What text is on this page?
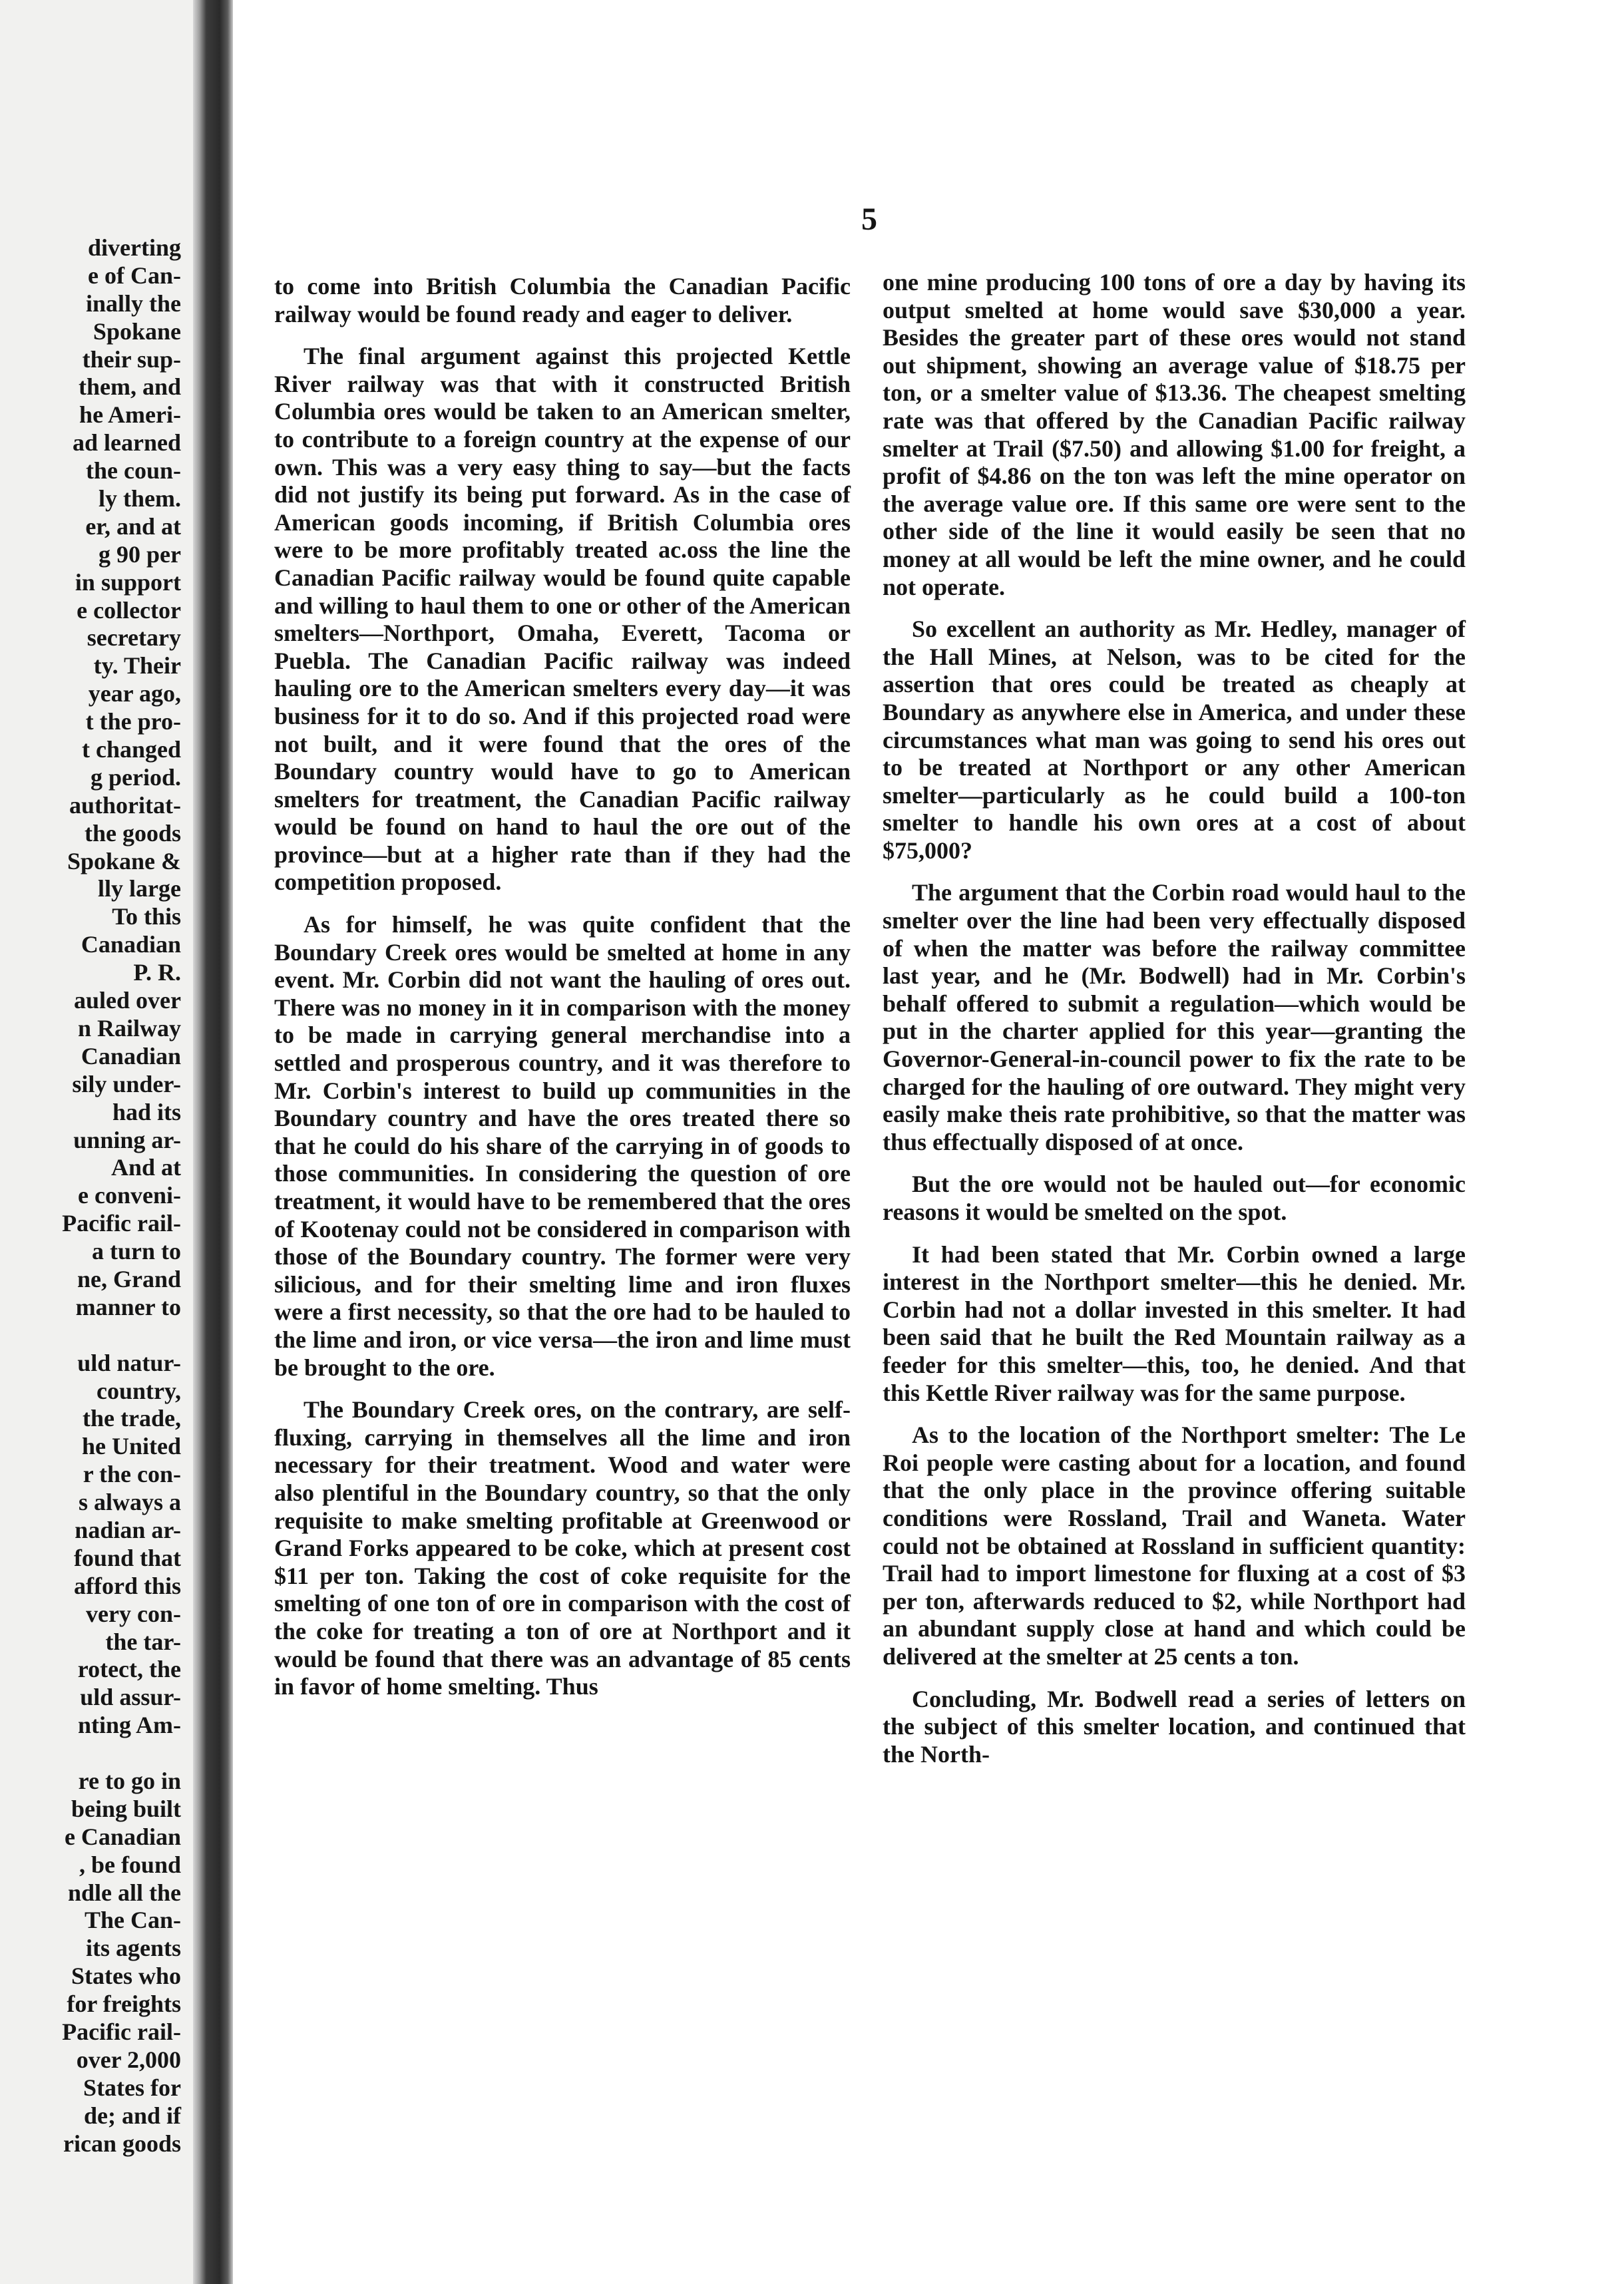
diverting
e of Can-
inally the
Spokane
their sup-
them, and
he Ameri-
ad learned
the coun-
ly them.
er, and at
g 90 per
in support
e collector
secretary
ty. Their
year ago,
t the pro-
t changed
g period.
authoritat-
the goods
Spokane &
lly large
To this
Canadian
P. R.
auled over
n Railway
Canadian
sily under-
had its
unning ar-
And at
e conveni-
Pacific rail-
a turn to
ne, Grand
manner to
uld natur-
country,
the trade,
he United
r the con-
s always a
nadian ar-
found that
afford this
very con-
the tar-
rotect, the
uld assur-
nting Am-
re to go in
being built
e Canadian
, be found
ndle all the
The Can-
its agents
States who
for freights
Pacific rail-
over 2,000
States for
de; and if
rican goods
5

to come into British Columbia the Canadian Pacific railway would be found ready and eager to deliver.

The final argument against this projected Kettle River railway was that with it constructed British Columbia ores would be taken to an American smelter, to contribute to a foreign country at the expense of our own. This was a very easy thing to say—but the facts did not justify its being put forward. As in the case of American goods incoming, if British Columbia ores were to be more profitably treated ac.oss the line the Canadian Pacific railway would be found quite capable and willing to haul them to one or other of the American smelters—Northport, Omaha, Everett, Tacoma or Puebla. The Canadian Pacific railway was indeed hauling ore to the American smelters every day—it was business for it to do so. And if this projected road were not built, and it were found that the ores of the Boundary country would have to go to American smelters for treatment, the Canadian Pacific railway would be found on hand to haul the ore out of the province—but at a higher rate than if they had the competition proposed.

As for himself, he was quite confident that the Boundary Creek ores would be smelted at home in any event. Mr. Corbin did not want the hauling of ores out. There was no money in it in comparison with the money to be made in carrying general merchandise into a settled and prosperous country, and it was therefore to Mr. Corbin's interest to build up communities in the Boundary country and have the ores treated there so that he could do his share of the carrying in of goods to those communities. In considering the question of ore treatment, it would have to be remembered that the ores of Kootenay could not be considered in comparison with those of the Boundary country. The former were very silicious, and for their smelting lime and iron fluxes were a first necessity, so that the ore had to be hauled to the lime and iron, or vice versa—the iron and lime must be brought to the ore.

The Boundary Creek ores, on the contrary, are self-fluxing, carrying in themselves all the lime and iron necessary for their treatment. Wood and water were also plentiful in the Boundary country, so that the only requisite to make smelting profitable at Greenwood or Grand Forks appeared to be coke, which at present cost $11 per ton. Taking the cost of coke requisite for the smelting of one ton of ore in comparison with the cost of the coke for treating a ton of ore at Northport and it would be found that there was an advantage of 85 cents in favor of home smelting. Thus

one mine producing 100 tons of ore a day by having its output smelted at home would save $30,000 a year. Besides the greater part of these ores would not stand out shipment, showing an average value of $18.75 per ton, or a smelter value of $13.36. The cheapest smelting rate was that offered by the Canadian Pacific railway smelter at Trail ($7.50) and allowing $1.00 for freight, a profit of $4.86 on the ton was left the mine operator on the average value ore. If this same ore were sent to the other side of the line it would easily be seen that no money at all would be left the mine owner, and he could not operate.

So excellent an authority as Mr. Hedley, manager of the Hall Mines, at Nelson, was to be cited for the assertion that ores could be treated as cheaply at Boundary as anywhere else in America, and under these circumstances what man was going to send his ores out to be treated at Northport or any other American smelter—particularly as he could build a 100-ton smelter to handle his own ores at a cost of about $75,000?

The argument that the Corbin road would haul to the smelter over the line had been very effectually disposed of when the matter was before the railway committee last year, and he (Mr. Bodwell) had in Mr. Corbin's behalf offered to submit a regulation—which would be put in the charter applied for this year—granting the Governor-General-in-council power to fix the rate to be charged for the hauling of ore outward. They might very easily make theis rate prohibitive, so that the matter was thus effectually disposed of at once.

But the ore would not be hauled out—for economic reasons it would be smelted on the spot.

It had been stated that Mr. Corbin owned a large interest in the Northport smelter—this he denied. Mr. Corbin had not a dollar invested in this smelter. It had been said that he built the Red Mountain railway as a feeder for this smelter—this, too, he denied. And that this Kettle River railway was for the same purpose.

As to the location of the Northport smelter: The Le Roi people were casting about for a location, and found that the only place in the province offering suitable conditions were Rossland, Trail and Waneta. Water could not be obtained at Rossland in sufficient quantity: Trail had to import limestone for fluxing at a cost of $3 per ton, afterwards reduced to $2, while Northport had an abundant supply close at hand and which could be delivered at the smelter at 25 cents a ton.

Concluding, Mr. Bodwell read a series of letters on the subject of this smelter location, and continued that the North-
